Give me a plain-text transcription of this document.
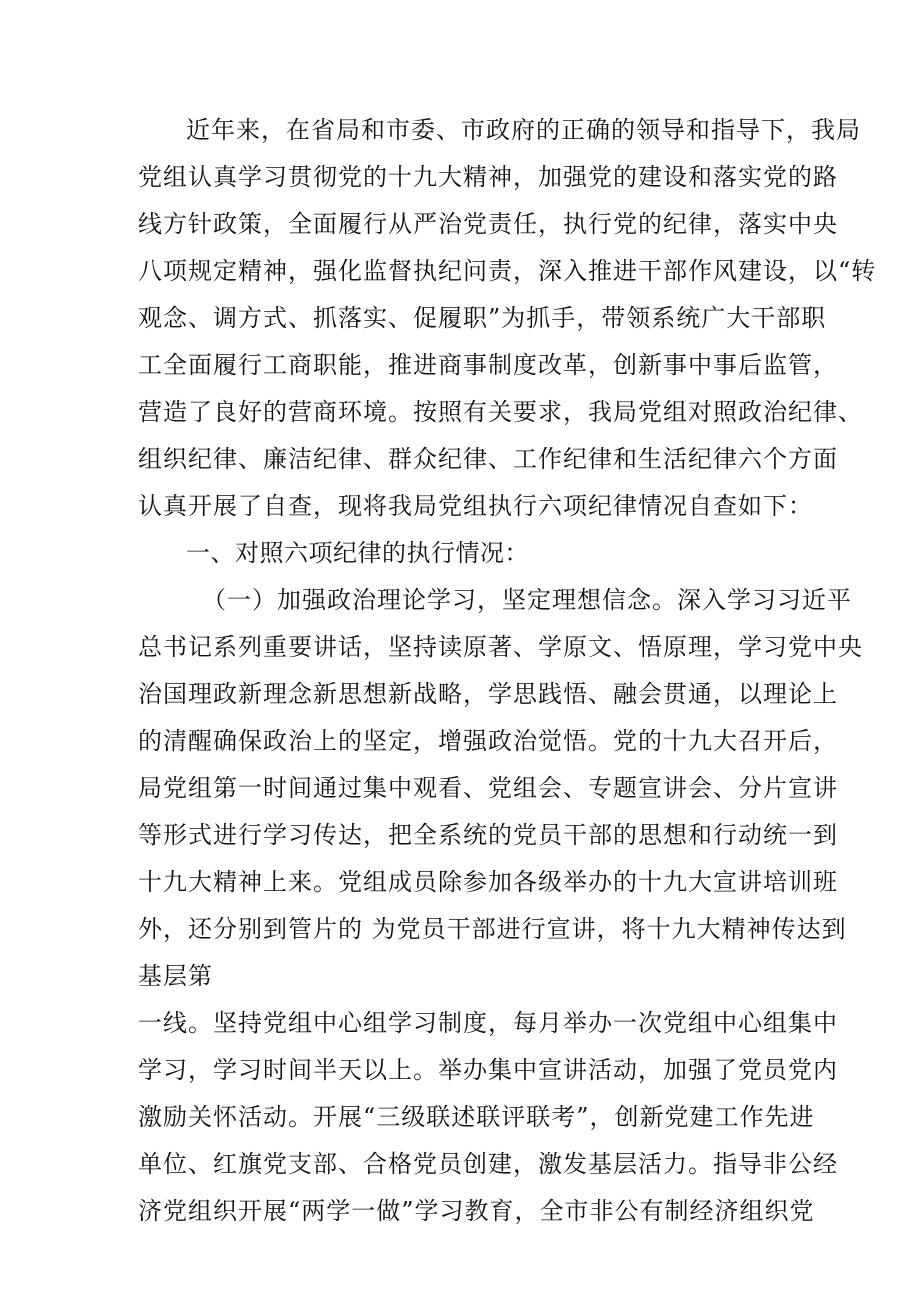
近年来，在省局和市委、市政府的正确的领导和指导下，我局
党组认真学习贯彻党的十九大精神，加强党的建设和落实党的路
线方针政策，全面履行从严治党责任，执行党的纪律，落实中央
八项规定精神，强化监督执纪问责，深入推进干部作风建设，以“转
观念、调方式、抓落实、促履职”为抓手，带领系统广大干部职
工全面履行工商职能，推进商事制度改革，创新事中事后监管，
营造了良好的营商环境。按照有关要求，我局党组对照政治纪律、
组织纪律、廉洁纪律、群众纪律、工作纪律和生活纪律六个方面
认真开展了自查，现将我局党组执行六项纪律情况自查如下：
一、对照六项纪律的执行情况：
（一）加强政治理论学习，坚定理想信念。深入学习习近平
总书记系列重要讲话，坚持读原著、学原文、悟原理，学习党中央
治国理政新理念新思想新战略，学思践悟、融会贯通，以理论上
的清醒确保政治上的坚定，增强政治觉悟。党的十九大召开后，
局党组第一时间通过集中观看、党组会、专题宣讲会、分片宣讲
等形式进行学习传达，把全系统的党员干部的思想和行动统一到
十九大精神上来。党组成员除参加各级举办的十九大宣讲培训班
外，还分别到管片的 为党员干部进行宣讲，将十九大精神传达到
基层第
一线。坚持党组中心组学习制度，每月举办一次党组中心组集中
学习，学习时间半天以上。举办集中宣讲活动，加强了党员党内
激励关怀活动。开展“三级联述联评联考”，创新党建工作先进
单位、红旗党支部、合格党员创建，激发基层活力。指导非公经
济党组织开展“两学一做”学习教育，全市非公有制经济组织党
